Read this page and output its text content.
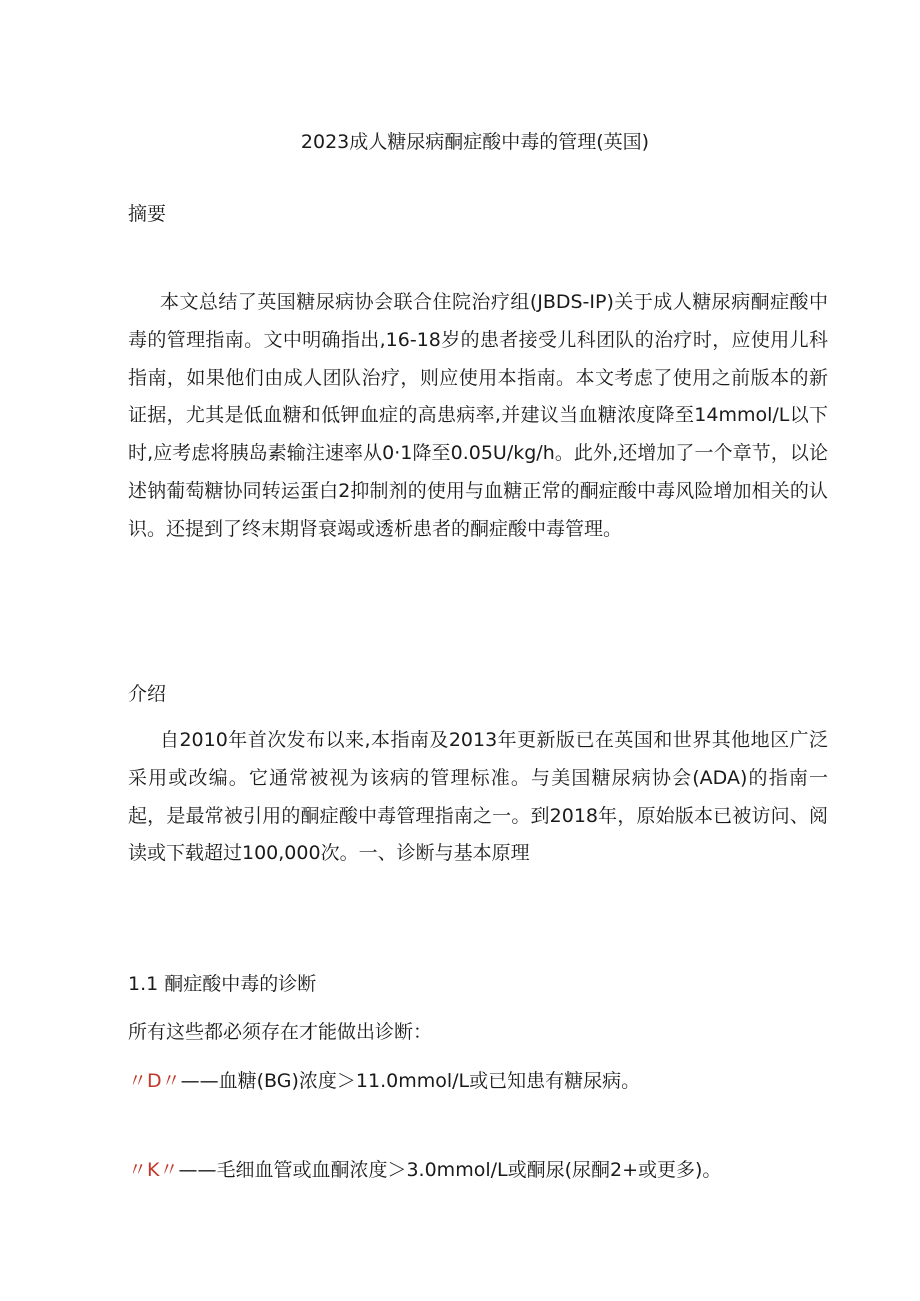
2023成人糖尿病酮症酸中毒的管理(英国)
摘要

本文总结了英国糖尿病协会联合住院治疗组(JBDS-IP)关于成人糖尿病酮症酸中毒的管理指南。文中明确指出,16-18岁的患者接受儿科团队的治疗时，应使用儿科指南，如果他们由成人团队治疗，则应使用本指南。本文考虑了使用之前版本的新证据，尤其是低血糖和低钾血症的高患病率,并建议当血糖浓度降至14mmol/L以下时,应考虑将胰岛素输注速率从0·1降至0.05U∕kg∕h。此外,还增加了一个章节，以论述钠葡萄糖协同转运蛋白2抑制剂的使用与血糖正常的酮症酸中毒风险增加相关的认识。还提到了终末期肾衰竭或透析患者的酮症酸中毒管理。

介绍

自2010年首次发布以来,本指南及2013年更新版已在英国和世界其他地区广泛采用或改编。它通常被视为该病的管理标准。与美国糖尿病协会(ADA)的指南一起，是最常被引用的酮症酸中毒管理指南之一。到2018年，原始版本已被访问、阅读或下载超过100,000次。一、诊断与基本原理

1.1 酮症酸中毒的诊断
所有这些都必须存在才能做出诊断：
〃D〃——血糖(BG)浓度＞11.0mmol/L或已知患有糖尿病。
〃K〃——毛细血管或血酮浓度＞3.0mmol/L或酮尿(尿酮2+或更多)。
